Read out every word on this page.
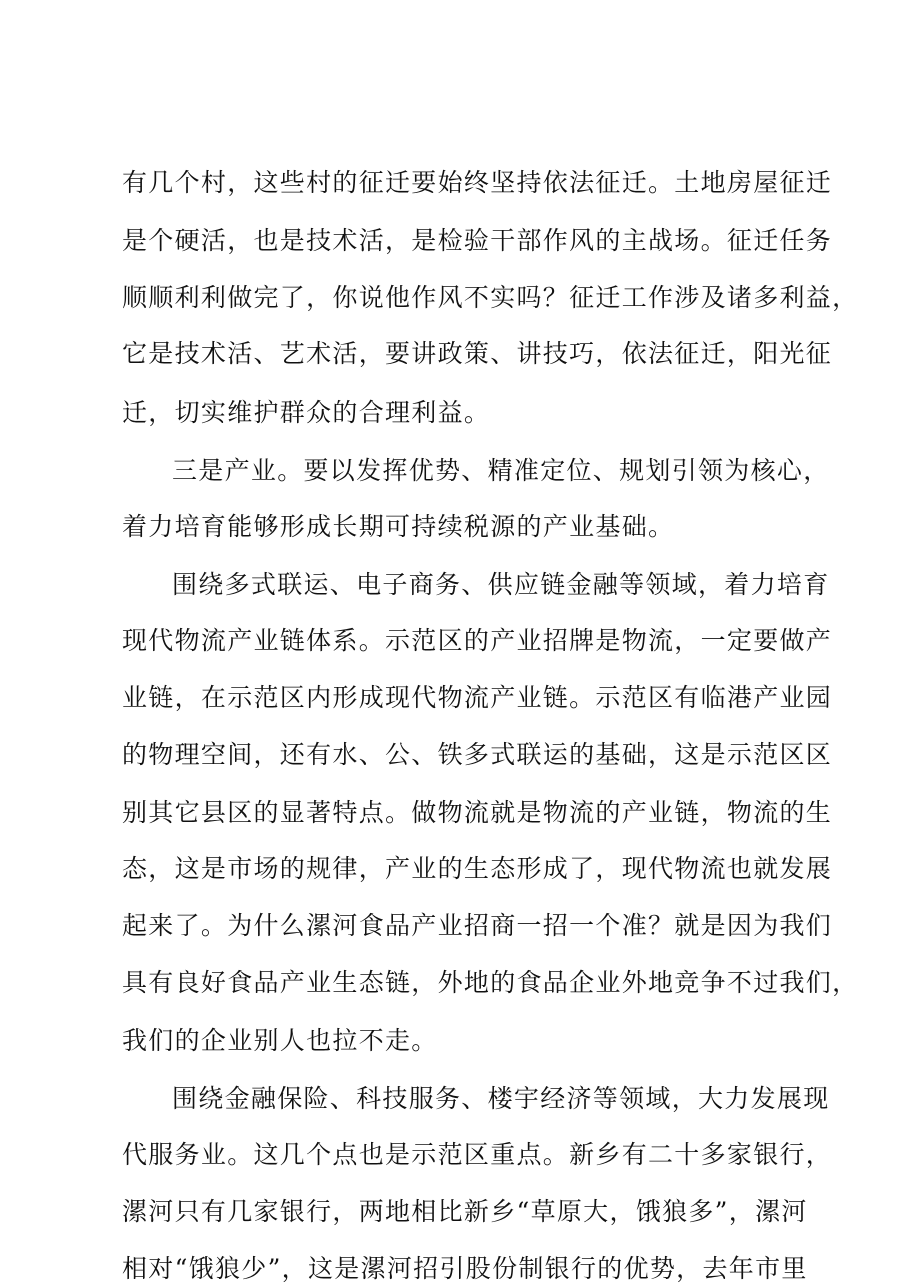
有几个村，这些村的征迁要始终坚持依法征迁。土地房屋征迁
是个硬活，也是技术活，是检验干部作风的主战场。征迁任务
顺顺利利做完了，你说他作风不实吗？征迁工作涉及诸多利益，
它是技术活、艺术活，要讲政策、讲技巧，依法征迁，阳光征
迁，切实维护群众的合理利益。
三是产业。要以发挥优势、精准定位、规划引领为核心，
着力培育能够形成长期可持续税源的产业基础。
围绕多式联运、电子商务、供应链金融等领域，着力培育
现代物流产业链体系。示范区的产业招牌是物流，一定要做产
业链，在示范区内形成现代物流产业链。示范区有临港产业园
的物理空间，还有水、公、铁多式联运的基础，这是示范区区
别其它县区的显著特点。做物流就是物流的产业链，物流的生
态，这是市场的规律，产业的生态形成了，现代物流也就发展
起来了。为什么漯河食品产业招商一招一个准？就是因为我们
具有良好食品产业生态链，外地的食品企业外地竞争不过我们，
我们的企业别人也拉不走。
围绕金融保险、科技服务、楼宇经济等领域，大力发展现
代服务业。这几个点也是示范区重点。新乡有二十多家银行，
漯河只有几家银行，两地相比新乡“草原大，饿狼多”，漯河
相对“饿狼少”，这是漯河招引股份制银行的优势，去年市里
